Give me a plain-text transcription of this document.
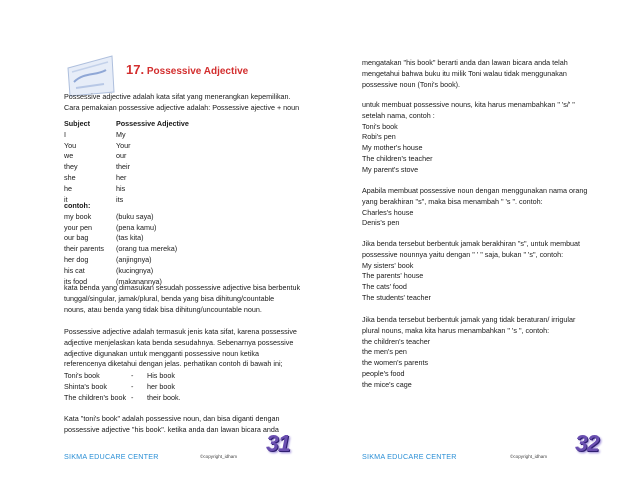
17. Possessive Adjective
Possessive adjective adalah kata sifat yang menerangkan kepemilikan.
Cara pemakaian possessive adjective adalah: Possessive ajective + noun
Subject	Possessive Adjective
I	My
You	Your
we	our
they	their
she	her
he	his
it	its
contoh:
my book	(buku saya)
your pen	(pena kamu)
our bag	(tas kita)
their parents	(orang tua mereka)
her dog	(anjingnya)
his cat	(kucingnya)
its food	(makanannya)
kata benda yang dimasukan sesudah possessive adjective bisa berbentuk
tunggal/singular, jamak/plural, benda yang bisa dihitung/countable
nouns, atau benda yang tidak bisa dihitung/uncountable noun.
Possessive adjective adalah termasuk jenis kata sifat, karena possessive
adjective menjelaskan kata benda sesudahnya. Sebenarnya possessive
adjective digunakan untuk mengganti possessive noun ketika
referencenya diketahui dengan jelas. perhatikan contoh di bawah ini;
Toni's book	-	His book
Shinta's book	-	her book
The children's book -	their book.
Kata "toni's book" adalah possessive noun, dan bisa diganti dengan
possessive adjective "his book". ketika anda dan lawan bicara anda
SIKMA EDUCARE CENTER	©copyright_idham
31
mengatakan "his book" berarti anda dan lawan bicara anda telah
mengetahui bahwa buku itu milik Toni walau tidak menggunakan
possessive noun (Toni's book).
untuk membuat possessive nouns, kita harus menambahkan " 's/' "
setelah nama, contoh :
Toni's book
Robi's pen
My mother's house
The children's teacher
My parent's stove
Apabila membuat possessive noun dengan menggunakan nama orang
yang berakhiran "s", maka bisa menambah " 's ". contoh:
Charles's house
Denis's pen
Jika benda tersebut berbentuk jamak berakhiran "s", untuk membuat
possessive nounnya yaitu dengan " ' " saja, bukan " 's", contoh:
My sisters' book
The parents' house
The cats' food
The students' teacher
Jika benda tersebut berbentuk jamak yang tidak beraturan/ irrigular
plural nouns, maka kita harus menambahkan " 's ", contoh:
the children's teacher
the men's pen
the women's parents
people's food
the mice's cage
SIKMA EDUCARE CENTER	©copyright_idham
32
